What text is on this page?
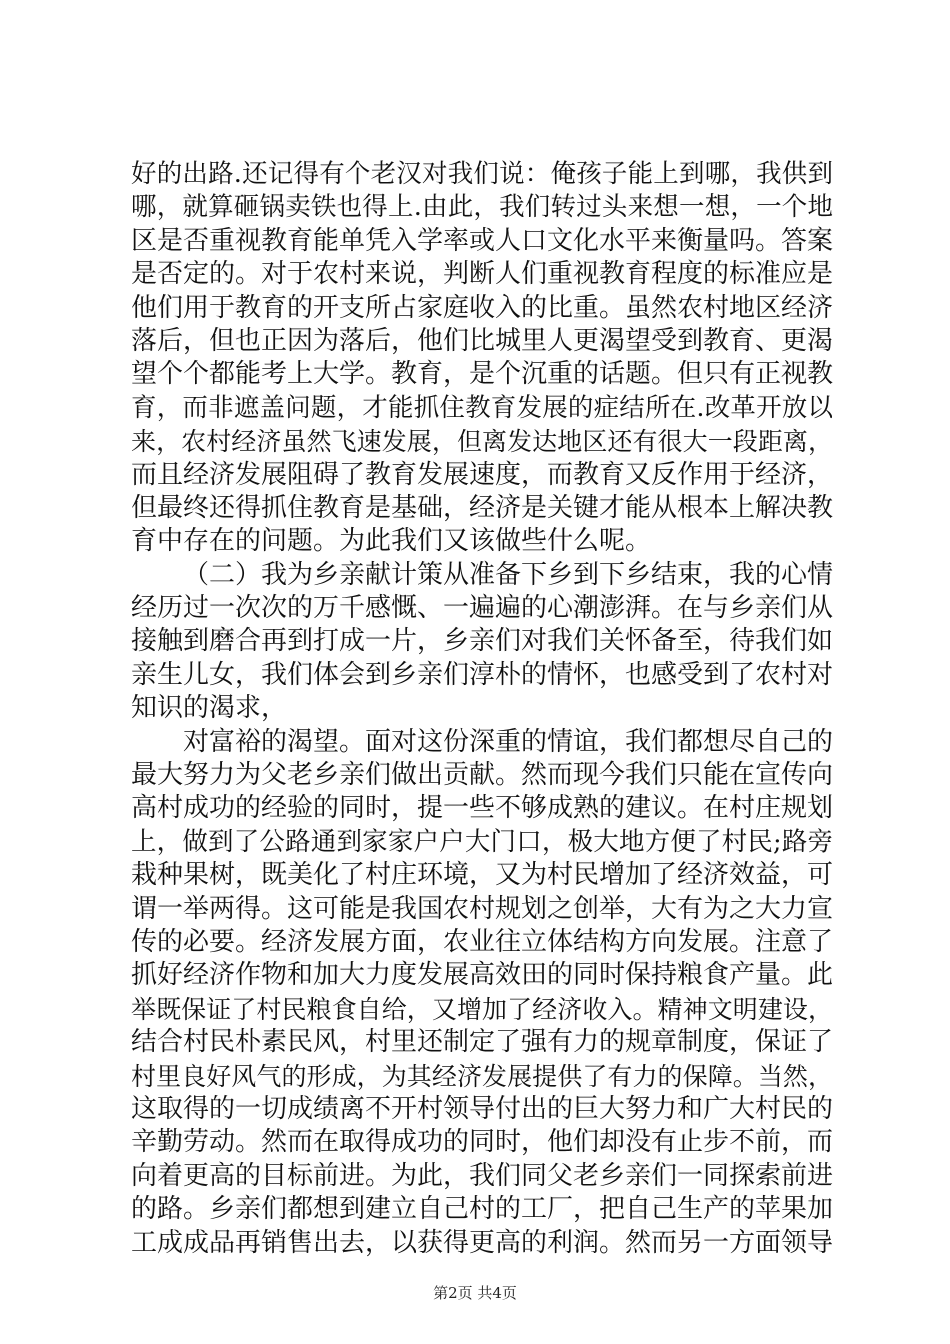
好的出路.还记得有个老汉对我们说：俺孩子能上到哪，我供到
哪，就算砸锅卖铁也得上.由此，我们转过头来想一想，一个地
区是否重视教育能单凭入学率或人口文化水平来衡量吗。答案
是否定的。对于农村来说，判断人们重视教育程度的标准应是
他们用于教育的开支所占家庭收入的比重。虽然农村地区经济
落后，但也正因为落后，他们比城里人更渴望受到教育、更渴
望个个都能考上大学。教育，是个沉重的话题。但只有正视教
育，而非遮盖问题，才能抓住教育发展的症结所在.改革开放以
来，农村经济虽然飞速发展，但离发达地区还有很大一段距离，
而且经济发展阻碍了教育发展速度，而教育又反作用于经济，
但最终还得抓住教育是基础，经济是关键才能从根本上解决教
育中存在的问题。为此我们又该做些什么呢。
（二）我为乡亲献计策从准备下乡到下乡结束，我的心情
经历过一次次的万千感慨、一遍遍的心潮澎湃。在与乡亲们从
接触到磨合再到打成一片，乡亲们对我们关怀备至，待我们如
亲生儿女，我们体会到乡亲们淳朴的情怀，也感受到了农村对
知识的渴求，
对富裕的渴望。面对这份深重的情谊，我们都想尽自己的
最大努力为父老乡亲们做出贡献。然而现今我们只能在宣传向
高村成功的经验的同时，提一些不够成熟的建议。在村庄规划
上，做到了公路通到家家户户大门口，极大地方便了村民;路旁
栽种果树，既美化了村庄环境，又为村民增加了经济效益，可
谓一举两得。这可能是我国农村规划之创举，大有为之大力宣
传的必要。经济发展方面，农业往立体结构方向发展。注意了
抓好经济作物和加大力度发展高效田的同时保持粮食产量。此
举既保证了村民粮食自给，又增加了经济收入。精神文明建设，
结合村民朴素民风，村里还制定了强有力的规章制度，保证了
村里良好风气的形成，为其经济发展提供了有力的保障。当然，
这取得的一切成绩离不开村领导付出的巨大努力和广大村民的
辛勤劳动。然而在取得成功的同时，他们却没有止步不前，而
向着更高的目标前进。为此，我们同父老乡亲们一同探索前进
的路。乡亲们都想到建立自己村的工厂，把自己生产的苹果加
工成成品再销售出去，以获得更高的利润。然而另一方面领导
第2页 共4页
